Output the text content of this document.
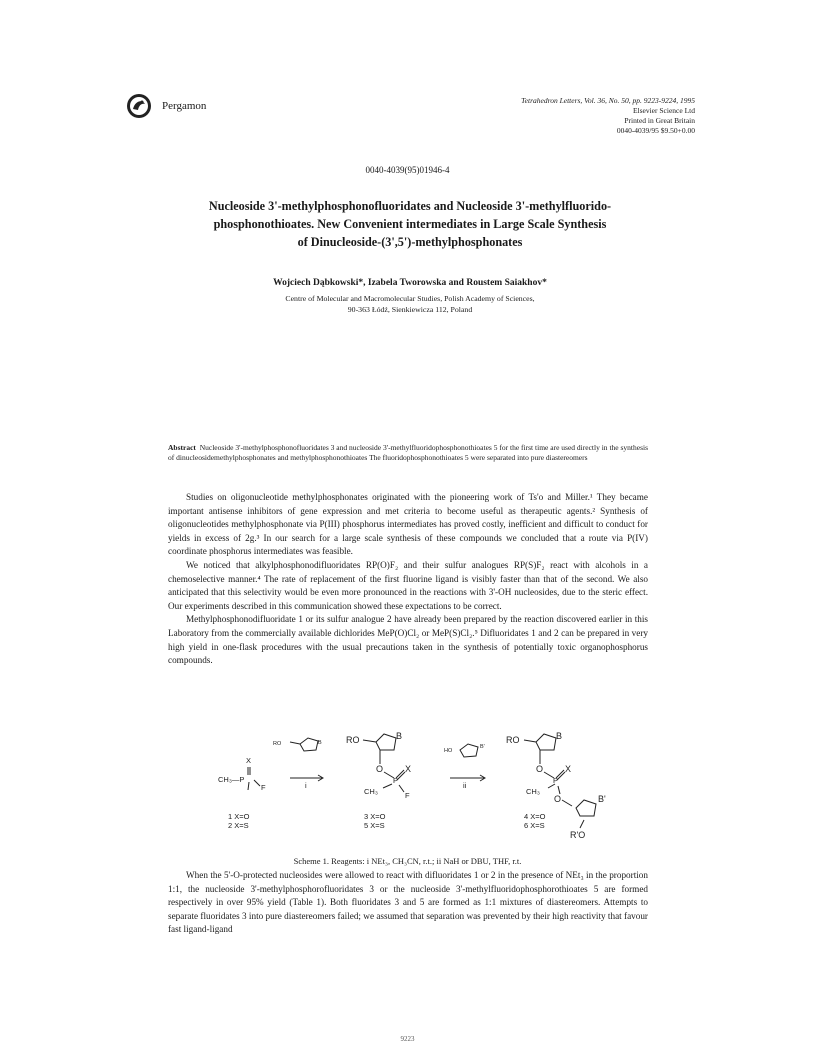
Pergamon	Tetrahedron Letters, Vol. 36, No. 50, pp. 9223-9224, 1995
Elsevier Science Ltd
Printed in Great Britain
0040-4039/95 $9.50+0.00
0040-4039(95)01946-4
Nucleoside 3'-methylphosphonofluoridates and Nucleoside 3'-methylfluorido-
phosphonothioates. New Convenient intermediates in Large Scale Synthesis
of Dinucleoside-(3',5')-methylphosphonates
Wojciech Dąbkowski*, Izabela Tworowska and Roustem Saiakhov*
Centre of Molecular and Macromolecular Studies, Polish Academy of Sciences,
90-363 Łódź, Sienkiewicza 112, Poland
Abstract Nucleoside 3'-methylphosphonofluoridates 3 and nucleoside 3'-methylfluoridophosphonothioates 5 for the first time are used directly in the synthesis of dinucleosidemethylphosphonates and methylphosphonothioates The fluoridophosphonothioates 5 were separated into pure diastereomers

Studies on oligonucleotide methylphosphonates originated with the pioneering work of Ts'o and Miller.¹ They became important antisense inhibitors of gene expression and met criteria to become useful as therapeutic agents.² Synthesis of oligonucleotides methylphosphonate via P(III) phosphorus intermediates has proved costly, inefficient and difficult to conduct for yields in excess of 2g.³ In our search for a large scale synthesis of these compounds we concluded that a route via P(IV) coordinate phosphorus intermediates was feasible.

We noticed that alkylphosphonodifluoridates RP(O)F₂ and their sulfur analogues RP(S)F₂ react with alcohols in a chemoselective manner.⁴ The rate of replacement of the first fluorine ligand is visibly faster than that of the second. We also anticipated that this selectivity would be even more pronounced in the reactions with 3'-OH nucleosides, due to the steric effect. Our experiments described in this communication showed these expectations to be correct.

Methylphosphonodifluoridate 1 or its sulfur analogue 2 have already been prepared by the reaction discovered earlier in this Laboratory from the commercially available dichlorides MeP(O)Cl₂ or MeP(S)Cl₂.⁵ Difluoridates 1 and 2 can be prepared in very high yield in one-flask procedures with the usual precautions taken in the synthesis of potentially toxic organophosphorus compounds.

X
CH₃—P
F
RO	B
i
RO	B
O
P
X
F
CH₃
HO
B'
ii
RO	B
O
P
X
CH₃
O	B'
R'O
1 X=O
2 X=S
3 X=O
5 X=S
4 X=O
6 X=S
Scheme 1. Reagents: i NEt₃, CH₃CN, r.t.; ii NaH or DBU, THF, r.t.

When the 5'-O-protected nucleosides were allowed to react with difluoridates 1 or 2 in the presence of NEt₃ in the proportion 1:1, the nucleoside 3'-methylphosphorofluoridates 3 or the nucleoside 3'-methylfluoridophosphorothioates 5 are formed respectively in over 95% yield (Table 1). Both fluoridates 3 and 5 are formed as 1:1 mixtures of diastereomers. Attempts to separate fluoridates 3 into pure diastereomers failed; we assumed that separation was prevented by their high reactivity that favour fast ligand-ligand

9223
